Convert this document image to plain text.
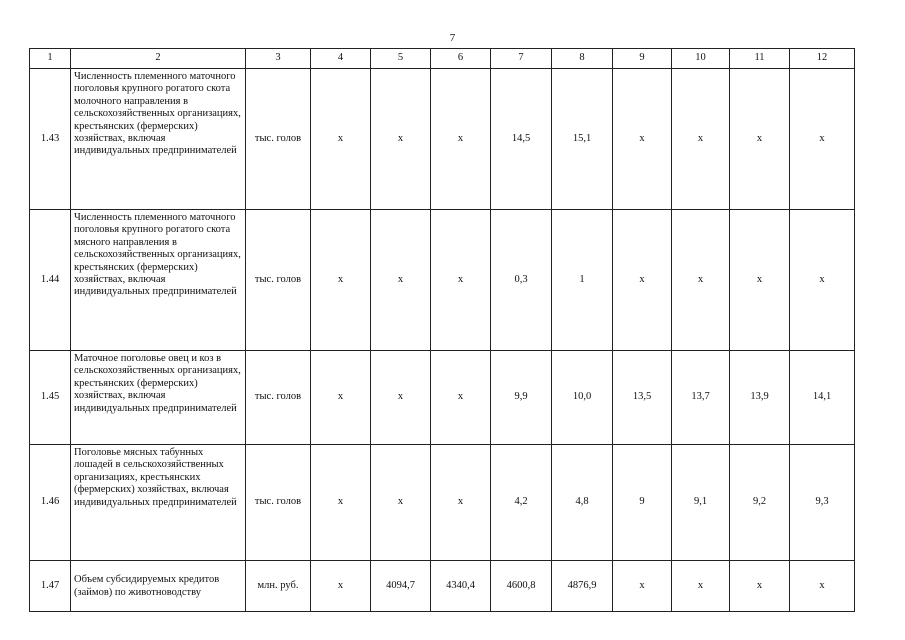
7
1	2	3	4	5	6	7	8	9	10	11	12
1.43	Численность племенного маточного поголовья крупного рогатого скота молочного направления в сельскохозяйственных организациях, крестьянских (фермерских) хозяйствах, включая индивидуальных предпринимателей	тыс. голов	х	х	х	14,5	15,1	х	х	х	х
1.44	Численность племенного маточного поголовья крупного рогатого скота мясного направления в сельскохозяйственных организациях, крестьянских (фермерских) хозяйствах, включая индивидуальных предпринимателей	тыс. голов	х	х	х	0,3	1	х	х	х	х
1.45	Маточное поголовье овец и коз в сельскохозяйственных организациях, крестьянских (фермерских) хозяйствах, включая индивидуальных предпринимателей	тыс. голов	х	х	х	9,9	10,0	13,5	13,7	13,9	14,1
1.46	Поголовье мясных табунных лошадей в сельскохозяйственных организациях, крестьянских (фермерских) хозяйствах, включая индивидуальных предпринимателей	тыс. голов	х	х	х	4,2	4,8	9	9,1	9,2	9,3
1.47	Объем субсидируемых кредитов (займов) по животноводству	млн. руб.	х	4094,7	4340,4	4600,8	4876,9	х	х	х	х
